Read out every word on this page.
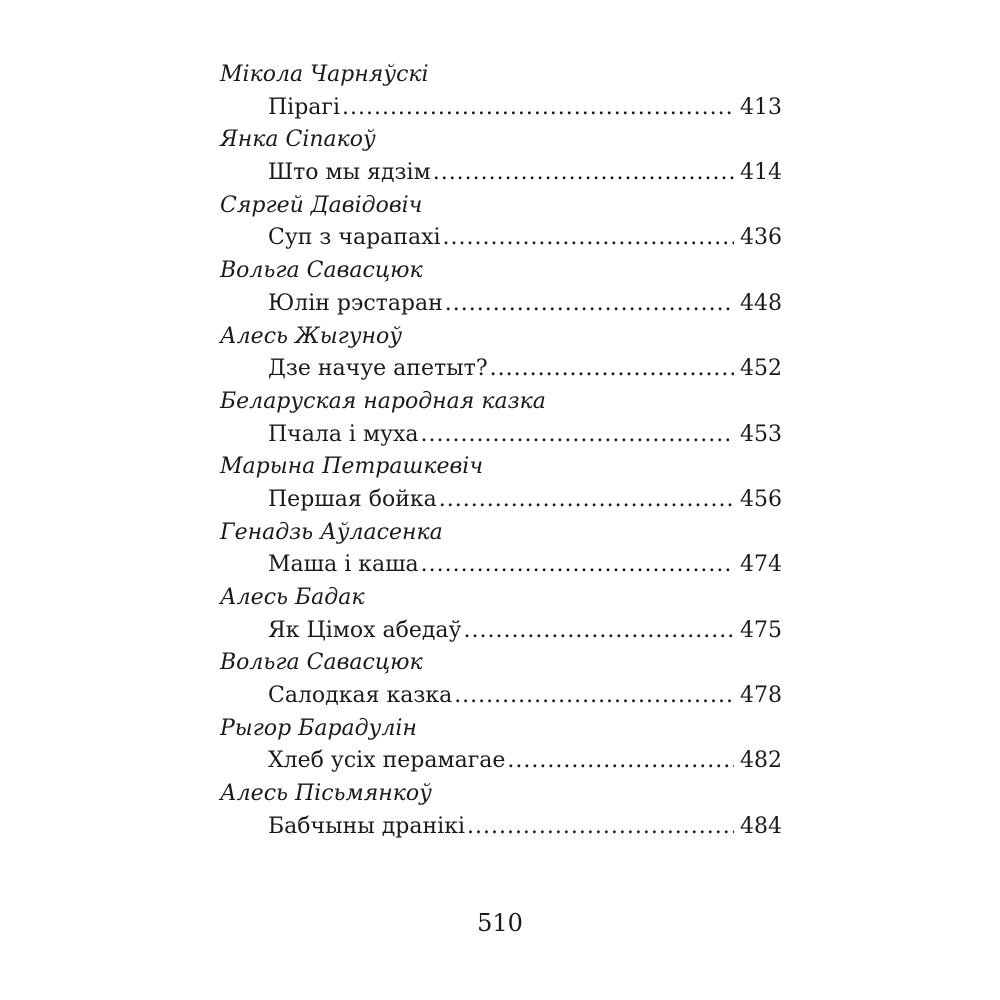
Мікола Чарняўскі
Пірагі .....	413
Янка Сіпакоў
Што мы ядзім .....	414
Сяргей Давідовіч
Суп з чарапахі .....	436
Вольга Савасцюк
Юлін рэстаран .....	448
Алесь Жыгуноў
Дзе начуе апетыт? .....	452
Беларуская народная казка
Пчала і муха .....	453
Марына Петрашкевіч
Першая бойка .....	456
Генадзь Аўласенка
Маша і каша .....	474
Алесь Бадак
Як Цімох абедаў .....	475
Вольга Савасцюк
Салодкая казка .....	478
Рыгор Барадулін
Хлеб усіх перамагае .....	482
Алесь Пісьмянкоў
Бабчыны дранікі .....	484
510
